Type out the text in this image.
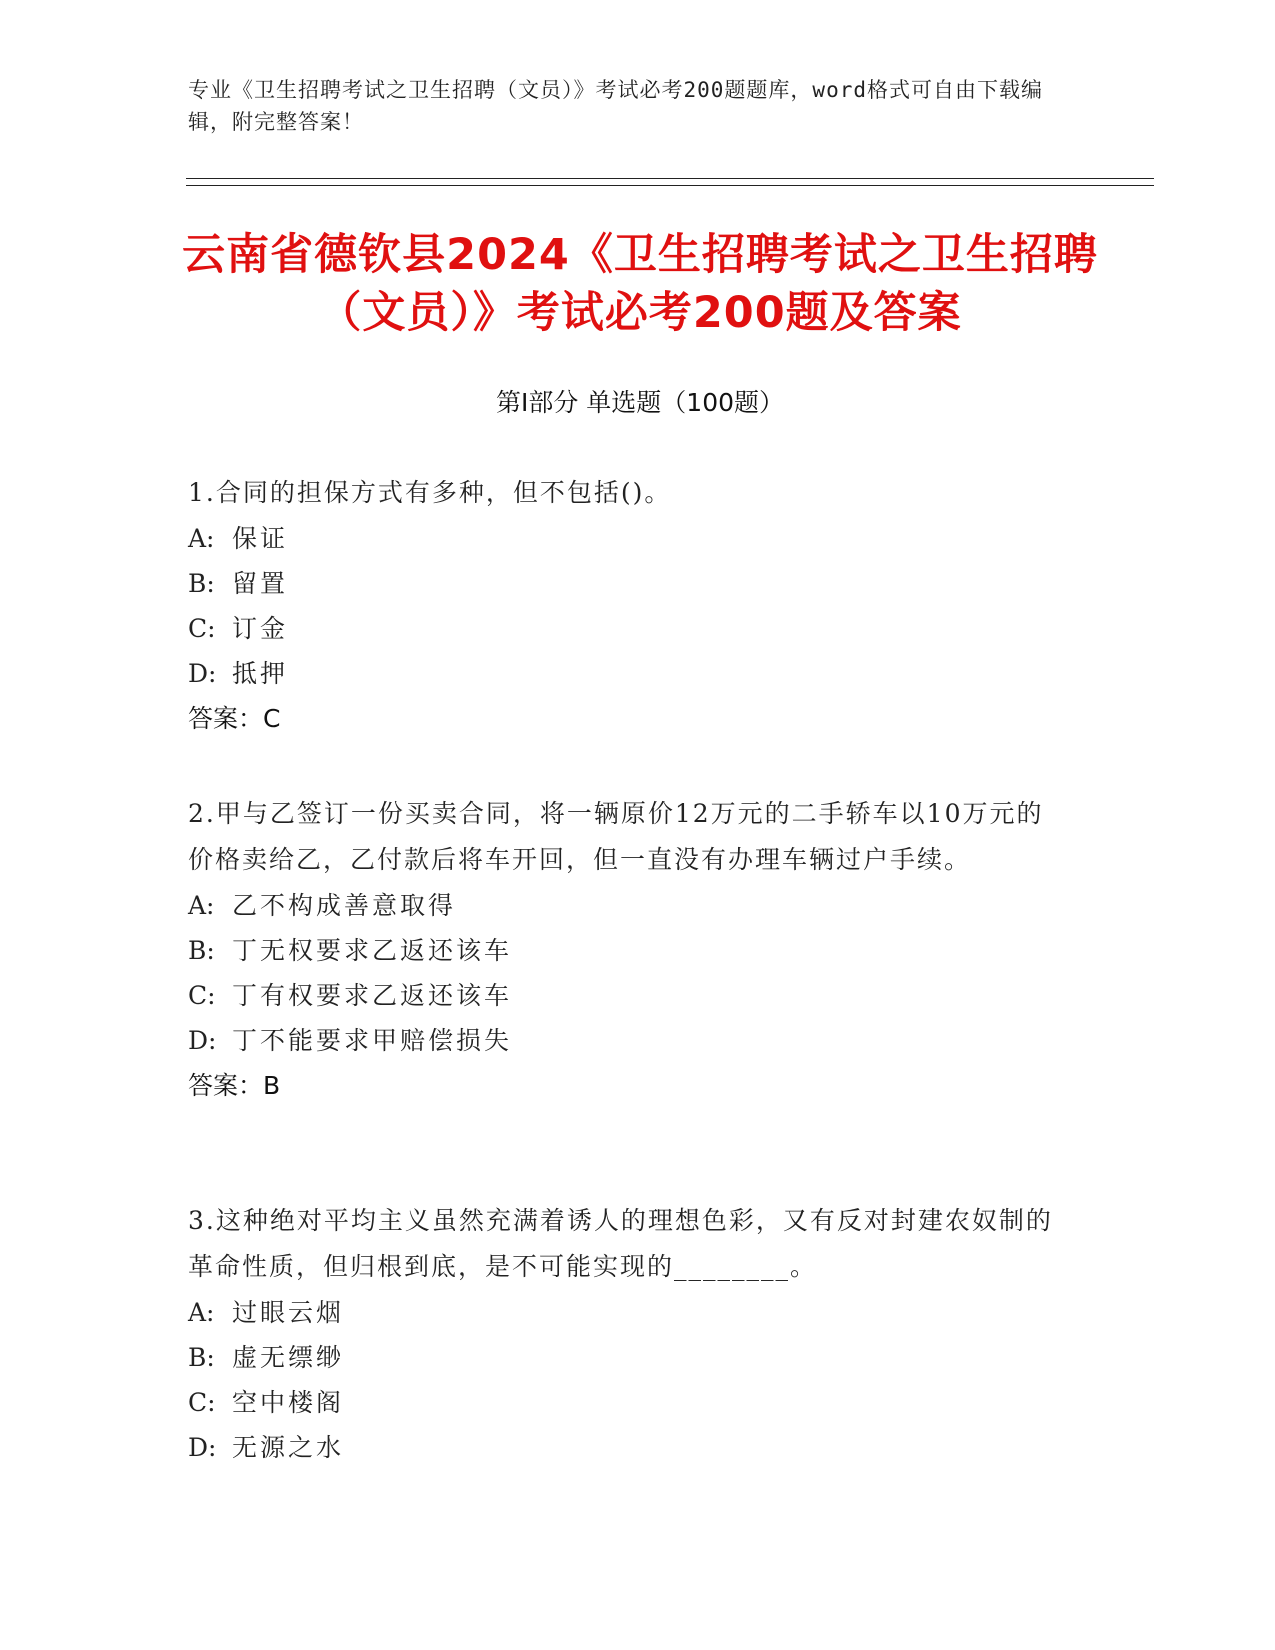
专业《卫生招聘考试之卫生招聘（文员）》考试必考200题题库，word格式可自由下载编辑，附完整答案！
云南省德钦县2024《卫生招聘考试之卫生招聘（文员）》考试必考200题及答案
第Ⅰ部分 单选题（100题）
1.合同的担保方式有多种，但不包括()。
A: 保证
B: 留置
C: 订金
D: 抵押
答案：C
2.甲与乙签订一份买卖合同，将一辆原价12万元的二手轿车以10万元的价格卖给乙，乙付款后将车开回，但一直没有办理车辆过户手续。
A: 乙不构成善意取得
B: 丁无权要求乙返还该车
C: 丁有权要求乙返还该车
D: 丁不能要求甲赔偿损失
答案：B
3.这种绝对平均主义虽然充满着诱人的理想色彩，又有反对封建农奴制的革命性质，但归根到底，是不可能实现的________。
A: 过眼云烟
B: 虚无缥缈
C: 空中楼阁
D: 无源之水
